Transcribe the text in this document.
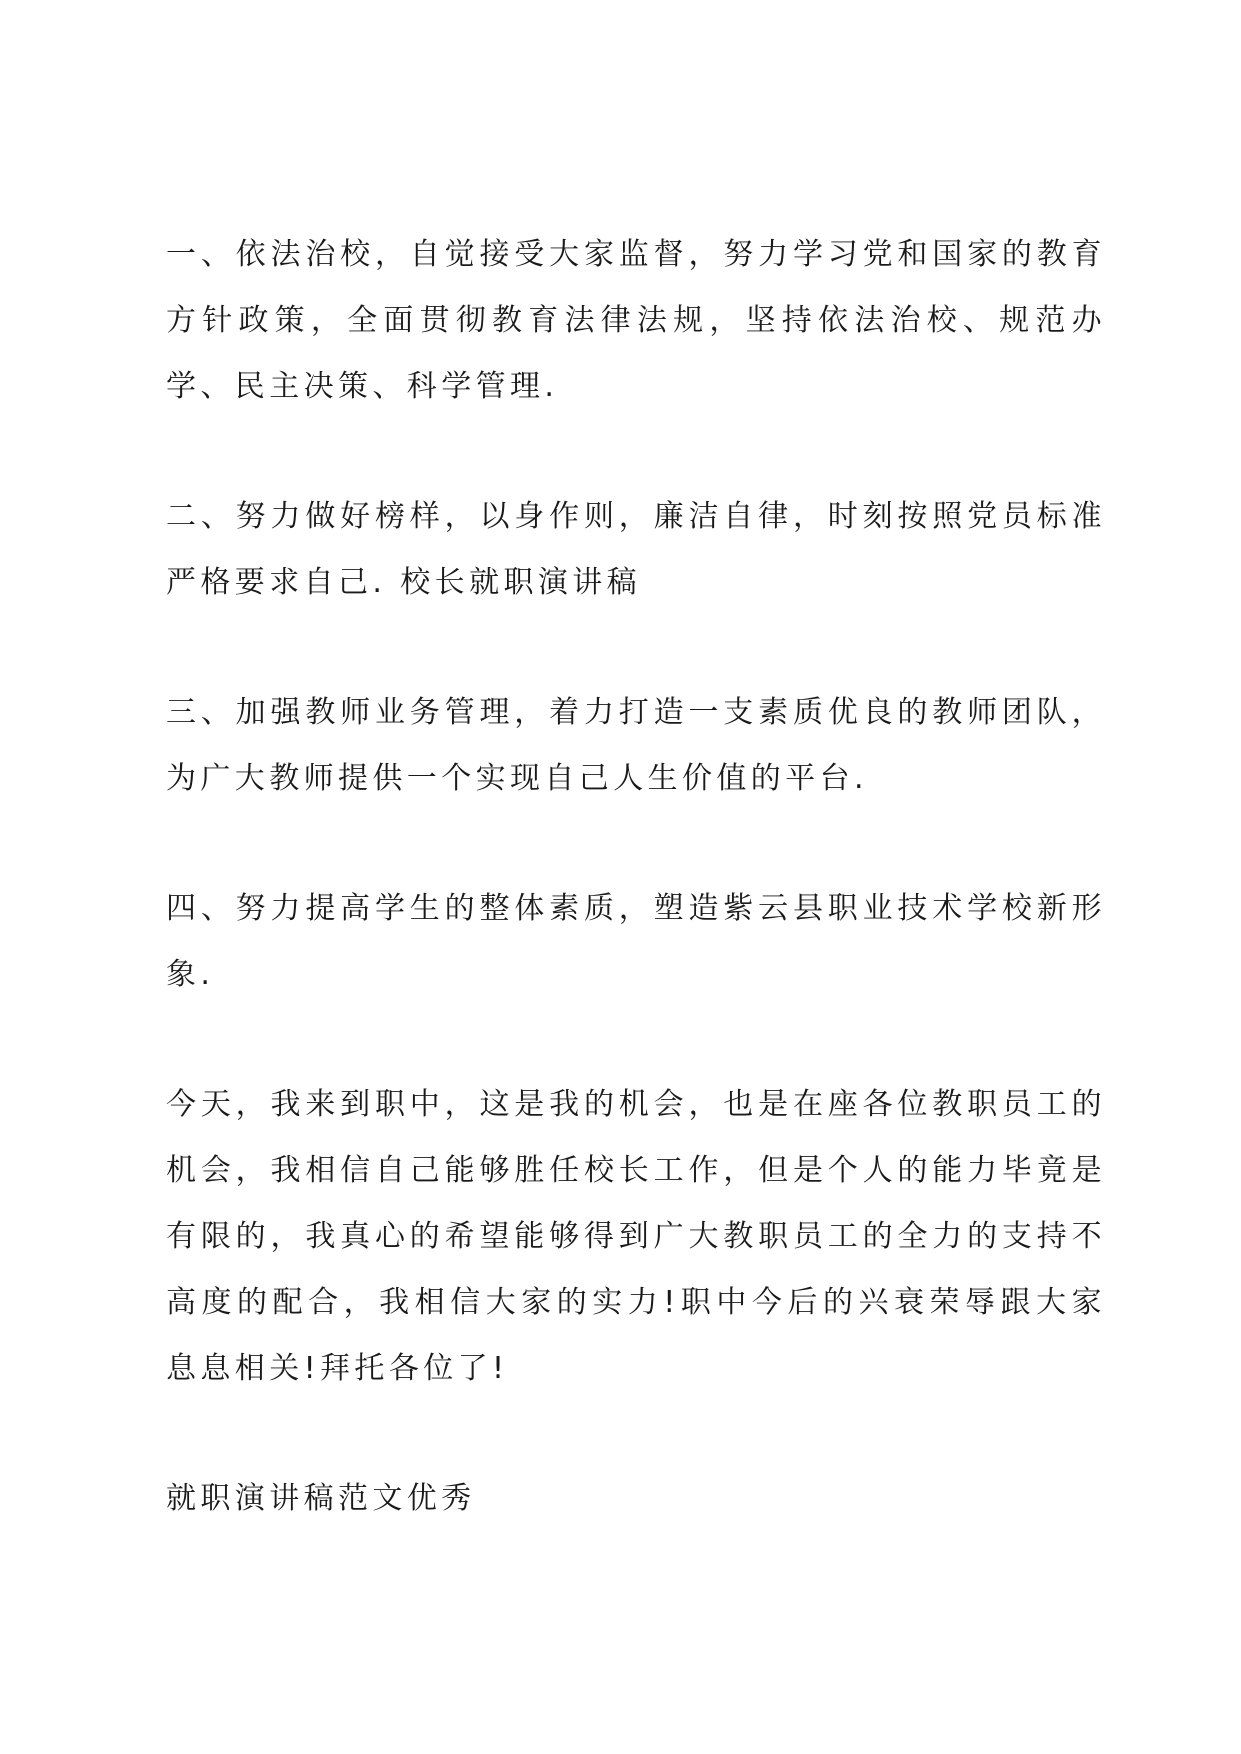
一、依法治校，自觉接受大家监督，努力学习党和国家的教育方针政策，全面贯彻教育法律法规，坚持依法治校、规范办学、民主决策、科学管理.

二、努力做好榜样，以身作则，廉洁自律，时刻按照党员标准严格要求自己. 校长就职演讲稿

三、加强教师业务管理，着力打造一支素质优良的教师团队，为广大教师提供一个实现自己人生价值的平台.

四、努力提高学生的整体素质，塑造紫云县职业技术学校新形象.

今天，我来到职中，这是我的机会，也是在座各位教职员工的机会，我相信自己能够胜任校长工作，但是个人的能力毕竟是有限的，我真心的希望能够得到广大教职员工的全力的支持不高度的配合，我相信大家的实力!职中今后的兴衰荣辱跟大家息息相关!拜托各位了!

就职演讲稿范文优秀
